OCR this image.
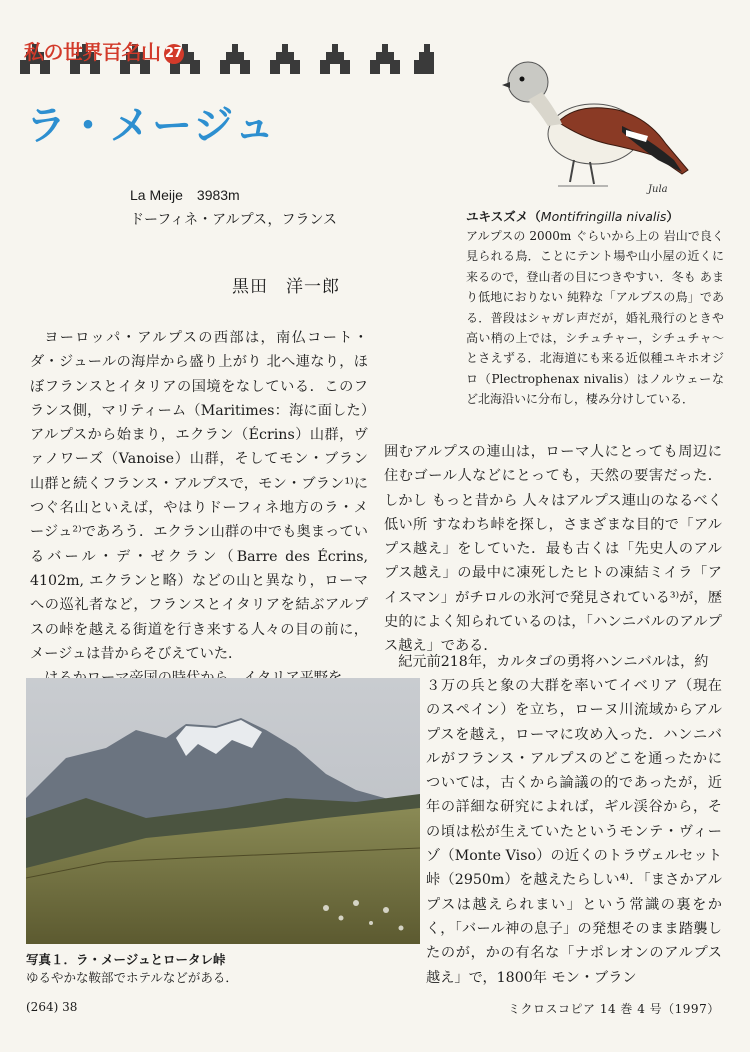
私の世界百名山 27
ラ・メージュ
La Meije　3983m
ドーフィネ・アルプス，フランス
黒田　洋一郎

ヨーロッパ・アルプスの西部は，南仏コート・ダ・ジュールの海岸から盛り上がり 北へ連なり，ほぼフランスとイタリアの国境をなしている．このフランス側，マリティーム（Maritimes：海に面した）アルプスから始まり，エクラン（Écrins）山群，ヴァノワーズ（Vanoise）山群，そしてモン・ブラン山群と続くフランス・アルプスで，モン・ブラン¹⁾につぐ名山といえば，やはりドーフィネ地方のラ・メージュ²⁾であろう．エクラン山群の中でも奥まっているバール・デ・ゼクラン（Barre des Écrins, 4102m, エクランと略）などの山と異なり，ローマへの巡礼者など，フランスとイタリアを結ぶアルプスの峠を越える街道を行き来する人々の目の前に，メージュは昔からそびえていた．

Jula
ユキスズメ（Montifringilla nivalis）
アルプスの 2000m ぐらいから上の 岩山で良く見られる鳥．ことにテント場や山小屋の近くに来るので，登山者の目につきやすい．冬も あまり低地におりない 純粋な「アルプスの鳥」である．普段はシャガレ声だが，婚礼飛行のときや 高い梢の上では，シチュチャー，シチュチャ～とさえずる．北海道にも来る近似種ユキホオジロ（Plectrophenax nivalis）はノルウェーなど北海沿いに分布し，棲み分けしている．

囲むアルプスの連山は，ローマ人にとっても周辺に住むゴール人などにとっても，天然の要害だった．しかし もっと昔から 人々はアルプス連山のなるべく低い所 すなわち峠を探し，さまざまな目的で「アルプス越え」をしていた．最も古くは「先史人のアルプス越え」の最中に凍死したヒトの凍結ミイラ「アイスマン」がチロルの氷河で発見されている³⁾が，歴史的によく知られているのは，「ハンニバルのアルプス越え」である．

紀元前218年，カルタゴの勇将ハンニバルは，約

３万の兵と象の大群を率いてイベリア（現在のスペイン）を立ち，ローヌ川流域からアルプスを越え，ローマに攻め入った．ハンニバルがフランス・アルプスのどこを通ったかについては，古くから論議の的であったが，近年の詳細な研究によれば，ギル渓谷から，その頃は松が生えていたというモンテ・ヴィーゾ（Monte Viso）の近くのトラヴェルセット峠（2950m）を越えたらしい⁴⁾．「まさかアルプスは越えられまい」という常識の裏をかく，「バール神の息子」の発想そのまま踏襲したのが，かの有名な「ナポレオンのアルプス越え」で，1800年 モン・ブラン

写真１．ラ・メージュとロータレ峠
ゆるやかな鞍部でホテルなどがある．
(264) 38	ミクロスコピア 14 巻 4 号（1997）
